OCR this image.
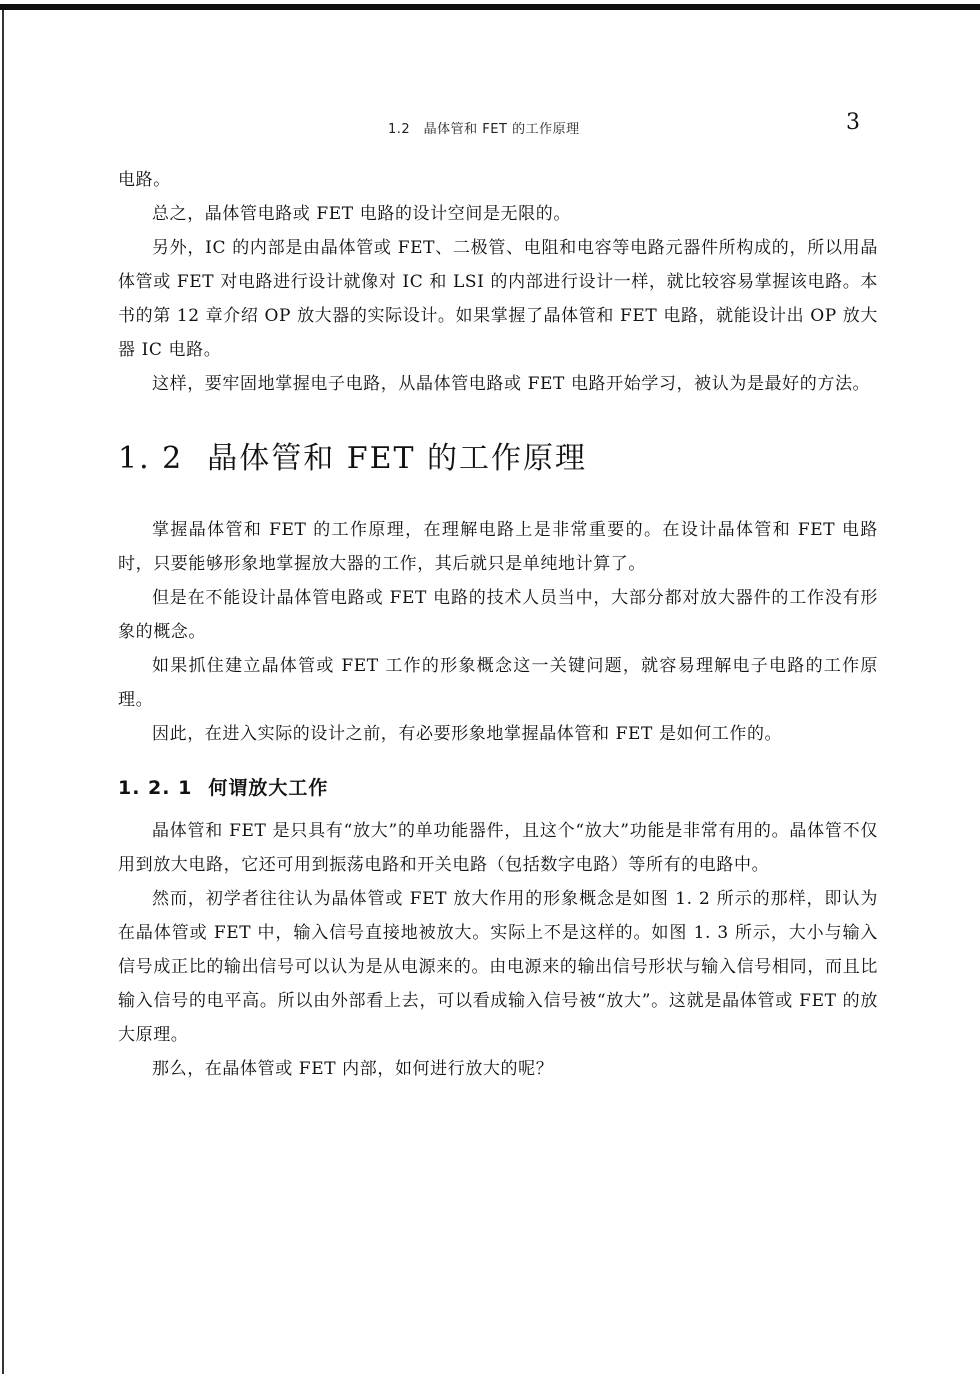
1.2　晶体管和 FET 的工作原理	3

电路。

总之，晶体管电路或 FET 电路的设计空间是无限的。

另外，IC 的内部是由晶体管或 FET、二极管、电阻和电容等电路元器件所构成的，所以用晶体管或 FET 对电路进行设计就像对 IC 和 LSI 的内部进行设计一样，就比较容易掌握该电路。本书的第 12 章介绍 OP 放大器的实际设计。如果掌握了晶体管和 FET 电路，就能设计出 OP 放大器 IC 电路。

这样，要牢固地掌握电子电路，从晶体管电路或 FET 电路开始学习，被认为是最好的方法。

1. 2 晶体管和 FET 的工作原理

掌握晶体管和 FET 的工作原理，在理解电路上是非常重要的。在设计晶体管和 FET 电路时，只要能够形象地掌握放大器的工作，其后就只是单纯地计算了。

但是在不能设计晶体管电路或 FET 电路的技术人员当中，大部分都对放大器件的工作没有形象的概念。

如果抓住建立晶体管或 FET 工作的形象概念这一关键问题，就容易理解电子电路的工作原理。

因此，在进入实际的设计之前，有必要形象地掌握晶体管和 FET 是如何工作的。

1. 2. 1 何谓放大工作

晶体管和 FET 是只具有“放大”的单功能器件，且这个“放大”功能是非常有用的。晶体管不仅用到放大电路，它还可用到振荡电路和开关电路（包括数字电路）等所有的电路中。

然而，初学者往往认为晶体管或 FET 放大作用的形象概念是如图 1. 2 所示的那样，即认为在晶体管或 FET 中，输入信号直接地被放大。实际上不是这样的。如图 1. 3 所示，大小与输入信号成正比的输出信号可以认为是从电源来的。由电源来的输出信号形状与输入信号相同，而且比输入信号的电平高。所以由外部看上去，可以看成输入信号被“放大”。这就是晶体管或 FET 的放大原理。

那么，在晶体管或 FET 内部，如何进行放大的呢？
